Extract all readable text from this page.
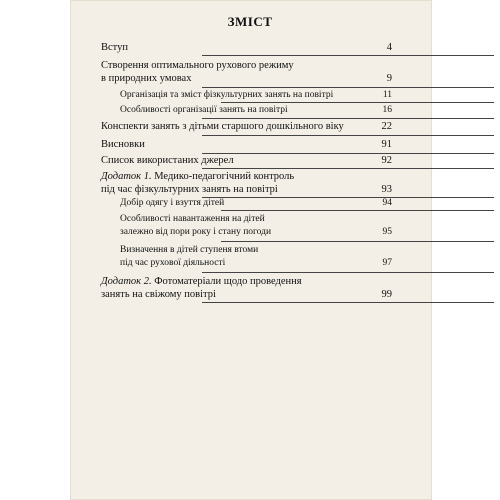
ЗМІСТ
Вступ	4
Створення оптимального рухового режиму
в природних умовах	9
Організація та зміст фізкультурних занять на повітрі	11
Особливості організації занять на повітрі	16
Конспекти занять з дітьми старшого дошкільного віку	22
Висновки	91
Список використаних джерел	92
Додаток 1. Медико-педагогічний контроль
під час фізкультурних занять на повітрі	93
Добір одягу і взуття дітей	94
Особливості навантаження на дітей
залежно від пори року і стану погоди	95
Визначення в дітей ступеня втоми
під час рухової діяльності	97
Додаток 2. Фотоматеріали щодо проведення
занять на свіжому повітрі	99
